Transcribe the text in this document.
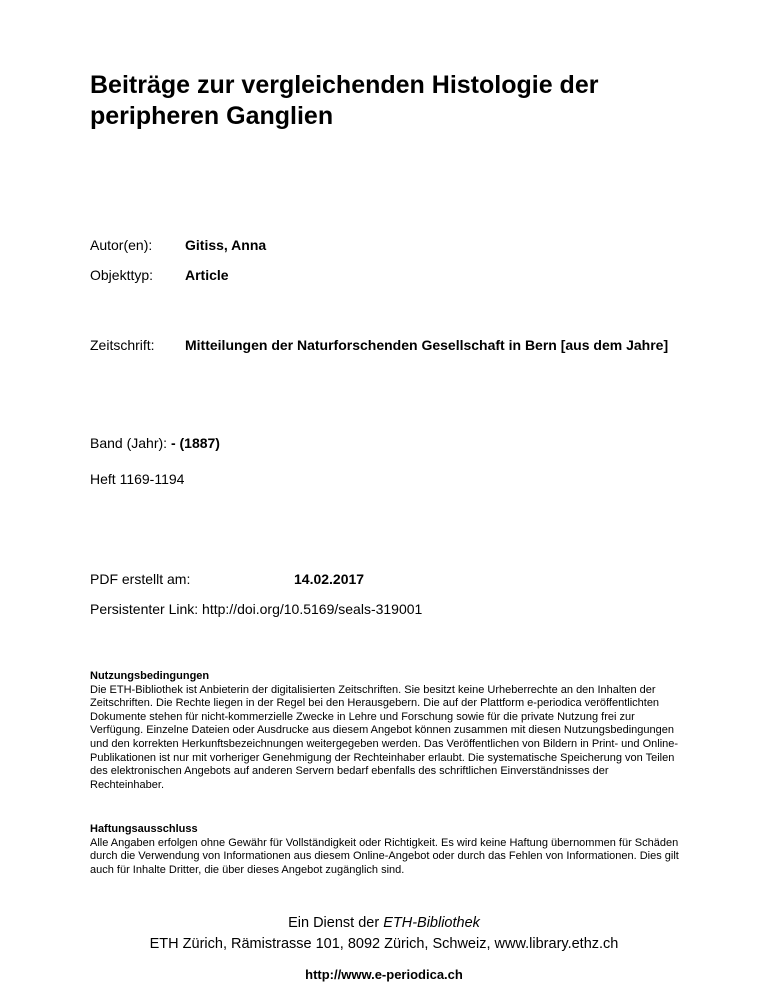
Beiträge zur vergleichenden Histologie der peripheren Ganglien
Autor(en): Gitiss, Anna
Objekttyp: Article
Zeitschrift: Mitteilungen der Naturforschenden Gesellschaft in Bern [aus dem Jahre]
Band (Jahr): - (1887)
Heft 1169-1194
PDF erstellt am:	14.02.2017
Persistenter Link: http://doi.org/10.5169/seals-319001
Nutzungsbedingungen
Die ETH-Bibliothek ist Anbieterin der digitalisierten Zeitschriften. Sie besitzt keine Urheberrechte an den Inhalten der Zeitschriften. Die Rechte liegen in der Regel bei den Herausgebern. Die auf der Plattform e-periodica veröffentlichten Dokumente stehen für nicht-kommerzielle Zwecke in Lehre und Forschung sowie für die private Nutzung frei zur Verfügung. Einzelne Dateien oder Ausdrucke aus diesem Angebot können zusammen mit diesen Nutzungsbedingungen und den korrekten Herkunftsbezeichnungen weitergegeben werden. Das Veröffentlichen von Bildern in Print- und Online-Publikationen ist nur mit vorheriger Genehmigung der Rechteinhaber erlaubt. Die systematische Speicherung von Teilen des elektronischen Angebots auf anderen Servern bedarf ebenfalls des schriftlichen Einverständnisses der Rechteinhaber.
Haftungsausschluss
Alle Angaben erfolgen ohne Gewähr für Vollständigkeit oder Richtigkeit. Es wird keine Haftung übernommen für Schäden durch die Verwendung von Informationen aus diesem Online-Angebot oder durch das Fehlen von Informationen. Dies gilt auch für Inhalte Dritter, die über dieses Angebot zugänglich sind.
Ein Dienst der ETH-Bibliothek
ETH Zürich, Rämistrasse 101, 8092 Zürich, Schweiz, www.library.ethz.ch
http://www.e-periodica.ch
